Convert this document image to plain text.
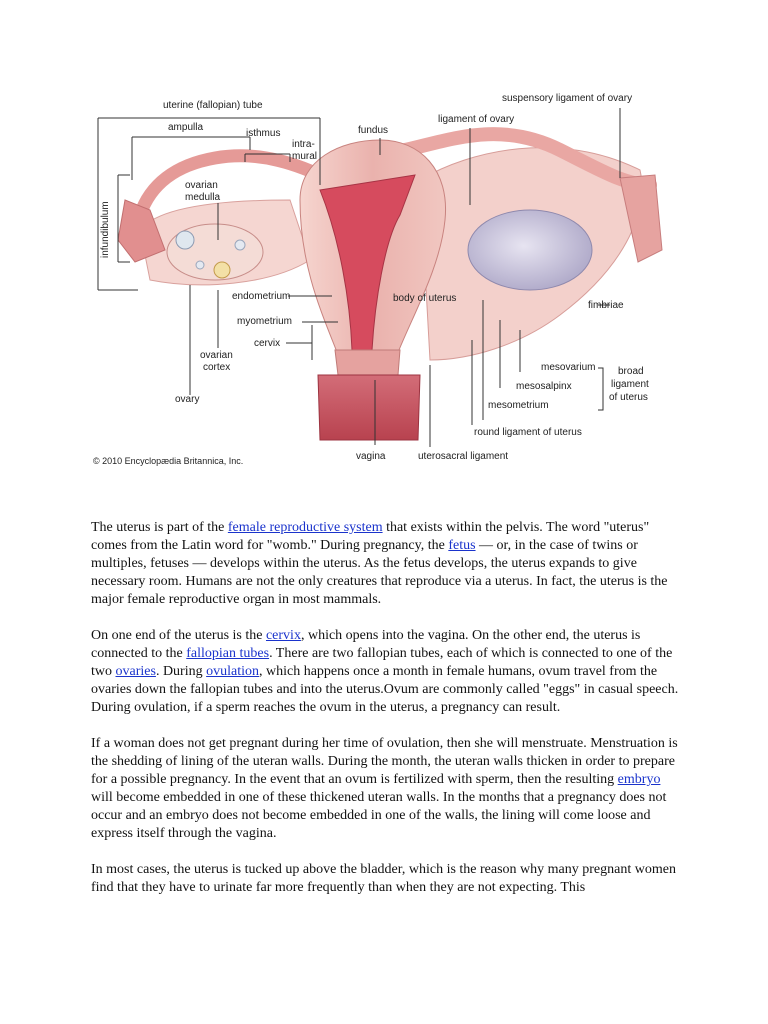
uterine (fallopian) tube
ampulla
isthmus
intra-
mural
fundus
ligament of ovary
suspensory ligament of ovary
infundibulum
ovarian
medulla
endometrium	body of uterus
myometrium
cervix
ovarian
cortex
ovary
fimbriae
mesovarium
mesosalpinx
mesometrium
broad
ligament
of uterus
round ligament of uterus
vagina	uterosacral ligament
© 2010 Encyclopædia Britannica, Inc.

The uterus is part of the female reproductive system that exists within the pelvis. The word "uterus" comes from the Latin word for "womb." During pregnancy, the fetus — or, in the case of twins or multiples, fetuses — develops within the uterus. As the fetus develops, the uterus expands to give necessary room. Humans are not the only creatures that reproduce via a uterus. In fact, the uterus is the major female reproductive organ in most mammals.

On one end of the uterus is the cervix, which opens into the vagina. On the other end, the uterus is connected to the fallopian tubes. There are two fallopian tubes, each of which is connected to one of the two ovaries. During ovulation, which happens once a month in female humans, ovum travel from the ovaries down the fallopian tubes and into the uterus.Ovum are commonly called "eggs" in casual speech. During ovulation, if a sperm reaches the ovum in the uterus, a pregnancy can result.

If a woman does not get pregnant during her time of ovulation, then she will menstruate. Menstruation is the shedding of lining of the uteran walls. During the month, the uteran walls thicken in order to prepare for a possible pregnancy. In the event that an ovum is fertilized with sperm, then the resulting embryo will become embedded in one of these thickened uteran walls. In the months that a pregnancy does not occur and an embryo does not become embedded in one of the walls, the lining will come loose and express itself through the vagina.

In most cases, the uterus is tucked up above the bladder, which is the reason why many pregnant women find that they have to urinate far more frequently than when they are not expecting. This
